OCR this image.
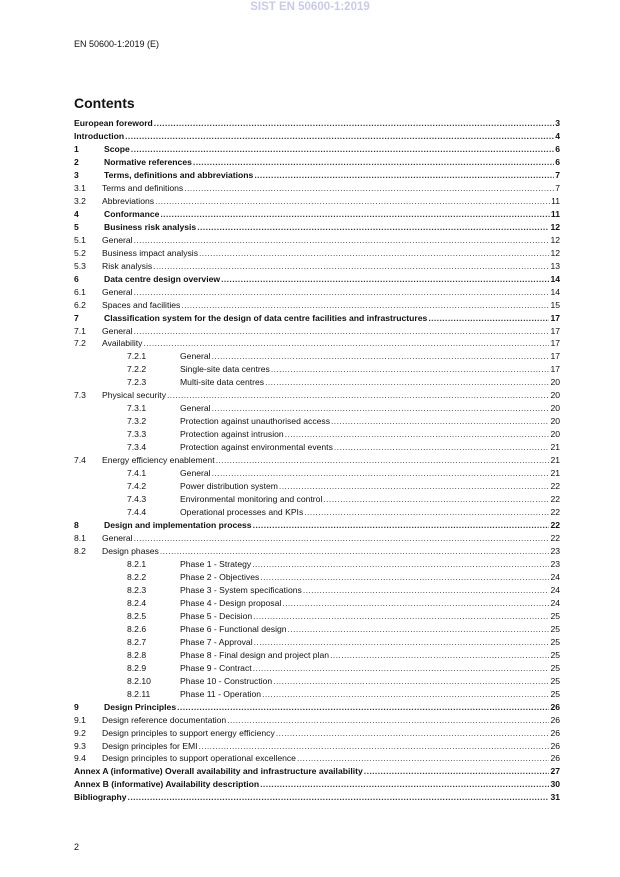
SIST EN 50600-1:2019
EN 50600-1:2019 (E)
Contents
European foreword .....	3
Introduction .....	4
1	Scope .....	6
2	Normative references .....	6
3	Terms, definitions and abbreviations .....	7
3.1	Terms and definitions .....	7
3.2	Abbreviations .....	11
4	Conformance .....	11
5	Business risk analysis .....	12
5.1	General .....	12
5.2	Business impact analysis .....	12
5.3	Risk analysis .....	13
6	Data centre design overview .....	14
6.1	General .....	14
6.2	Spaces and facilities .....	15
7	Classification system for the design of data centre facilities and infrastructures .....	17
7.1	General .....	17
7.2	Availability .....	17
7.2.1	General .....	17
7.2.2	Single-site data centres .....	17
7.2.3	Multi-site data centres .....	20
7.3	Physical security .....	20
7.3.1	General .....	20
7.3.2	Protection against unauthorised access .....	20
7.3.3	Protection against intrusion .....	20
7.3.4	Protection against environmental events .....	21
7.4	Energy efficiency enablement .....	21
7.4.1	General .....	21
7.4.2	Power distribution system .....	22
7.4.3	Environmental monitoring and control .....	22
7.4.4	Operational processes and KPIs .....	22
8	Design and implementation process .....	22
8.1	General .....	22
8.2	Design phases .....	23
8.2.1	Phase 1 - Strategy .....	23
8.2.2	Phase 2 - Objectives .....	24
8.2.3	Phase 3 - System specifications .....	24
8.2.4	Phase 4 - Design proposal .....	24
8.2.5	Phase 5 - Decision .....	25
8.2.6	Phase 6 - Functional design .....	25
8.2.7	Phase 7 - Approval .....	25
8.2.8	Phase 8 - Final design and project plan .....	25
8.2.9	Phase 9 - Contract .....	25
8.2.10	Phase 10 - Construction .....	25
8.2.11	Phase 11 - Operation .....	25
9	Design Principles .....	26
9.1	Design reference documentation .....	26
9.2	Design principles to support energy efficiency .....	26
9.3	Design principles for EMI .....	26
9.4	Design principles to support operational excellence .....	26
Annex A (informative) Overall availability and infrastructure availability .....	27
Annex B (informative) Availability description .....	30
Bibliography .....	31
2
